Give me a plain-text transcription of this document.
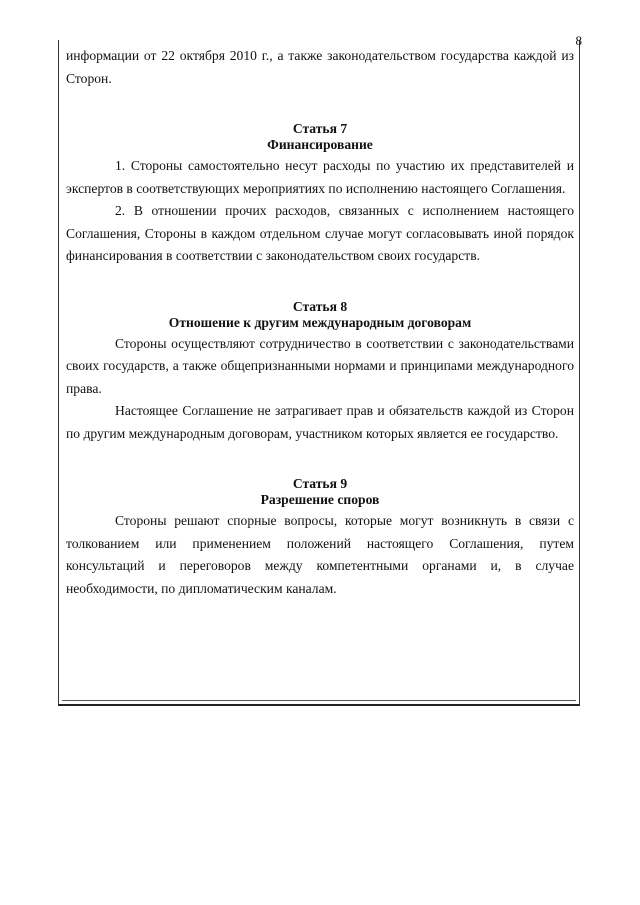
8

информации от 22 октября 2010 г., а также законодательством государства каждой из Сторон.

Статья 7
Финансирование

1. Стороны самостоятельно несут расходы по участию их представителей и экспертов в соответствующих мероприятиях по исполнению настоящего Соглашения.

2. В отношении прочих расходов, связанных с исполнением настоящего Соглашения, Стороны в каждом отдельном случае могут согласовывать иной порядок финансирования в соответствии с законодательством своих государств.

Статья 8
Отношение к другим международным договорам

Стороны осуществляют сотрудничество в соответствии с законодательствами своих государств, а также общепризнанными нормами и принципами международного права.

Настоящее Соглашение не затрагивает прав и обязательств каждой из Сторон по другим международным договорам, участником которых является ее государство.

Статья 9
Разрешение споров

Стороны решают спорные вопросы, которые могут возникнуть в связи с толкованием или применением положений настоящего Соглашения, путем консультаций и переговоров между компетентными органами и, в случае необходимости, по дипломатическим каналам.
